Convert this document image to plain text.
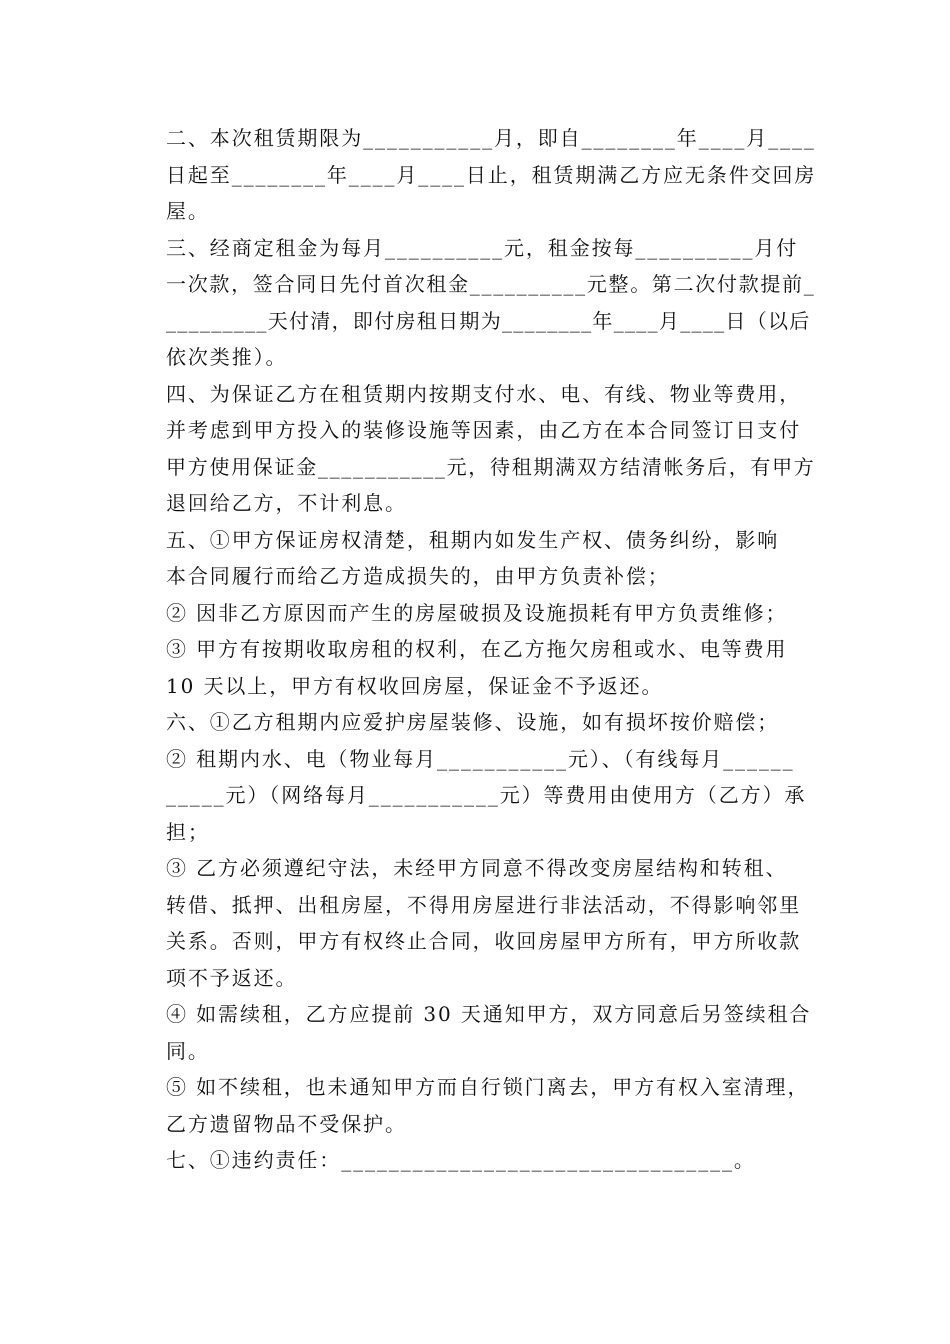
二、本次租赁期限为___________月，即自________年____月____
日起至________年____月____日止，租赁期满乙方应无条件交回房
屋。

三、经商定租金为每月__________元，租金按每__________月付
一次款，签合同日先付首次租金__________元整。第二次付款提前_
_________天付清，即付房租日期为________年____月____日（以后
依次类推）。

四、为保证乙方在租赁期内按期支付水、电、有线、物业等费用，
并考虑到甲方投入的装修设施等因素，由乙方在本合同签订日支付
甲方使用保证金___________元，待租期满双方结清帐务后，有甲方
退回给乙方，不计利息。

五、①甲方保证房权清楚，租期内如发生产权、债务纠纷，影响
本合同履行而给乙方造成损失的，由甲方负责补偿；

② 因非乙方原因而产生的房屋破损及设施损耗有甲方负责维修；

③ 甲方有按期收取房租的权利，在乙方拖欠房租或水、电等费用
10 天以上，甲方有权收回房屋，保证金不予返还。

六、①乙方租期内应爱护房屋装修、设施，如有损坏按价赔偿；

② 租期内水、电（物业每月___________元）、（有线每月______
_____元）（网络每月___________元）等费用由使用方（乙方）承
担；

③ 乙方必须遵纪守法，未经甲方同意不得改变房屋结构和转租、
转借、抵押、出租房屋，不得用房屋进行非法活动，不得影响邻里
关系。否则，甲方有权终止合同，收回房屋甲方所有，甲方所收款
项不予返还。

④ 如需续租，乙方应提前 30 天通知甲方，双方同意后另签续租合
同。

⑤ 如不续租，也未通知甲方而自行锁门离去，甲方有权入室清理，
乙方遗留物品不受保护。

七、①违约责任：_________________________________。
